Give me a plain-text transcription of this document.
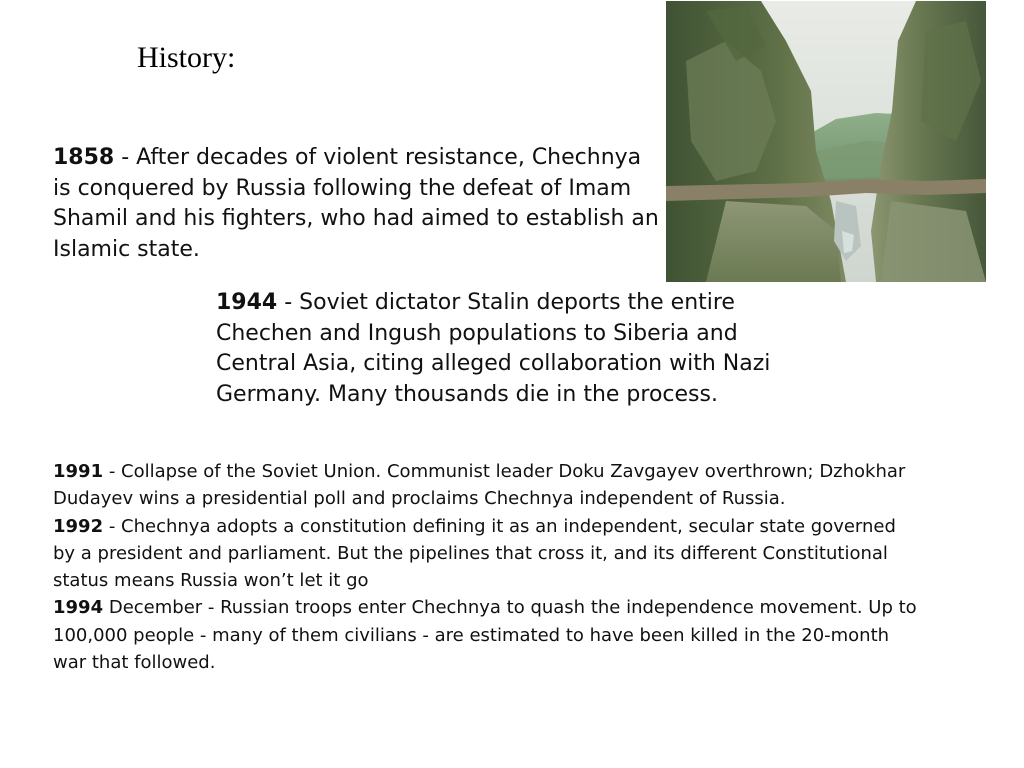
History:

1858 - After decades of violent resistance, Chechnya is conquered by Russia following the defeat of Imam Shamil and his fighters, who had aimed to establish an Islamic state.

1944 - Soviet dictator Stalin deports the entire Chechen and Ingush populations to Siberia and Central Asia, citing alleged collaboration with Nazi Germany. Many thousands die in the process.

1991 - Collapse of the Soviet Union. Communist leader Doku Zavgayev overthrown; Dzhokhar Dudayev wins a presidential poll and proclaims Chechnya independent of Russia.

1992 - Chechnya adopts a constitution defining it as an independent, secular state governed by a president and parliament. But the pipelines that cross it, and its different Constitutional status means Russia won’t let it go

1994 December - Russian troops enter Chechnya to quash the independence movement. Up to 100,000 people - many of them civilians - are estimated to have been killed in the 20-month war that followed.
